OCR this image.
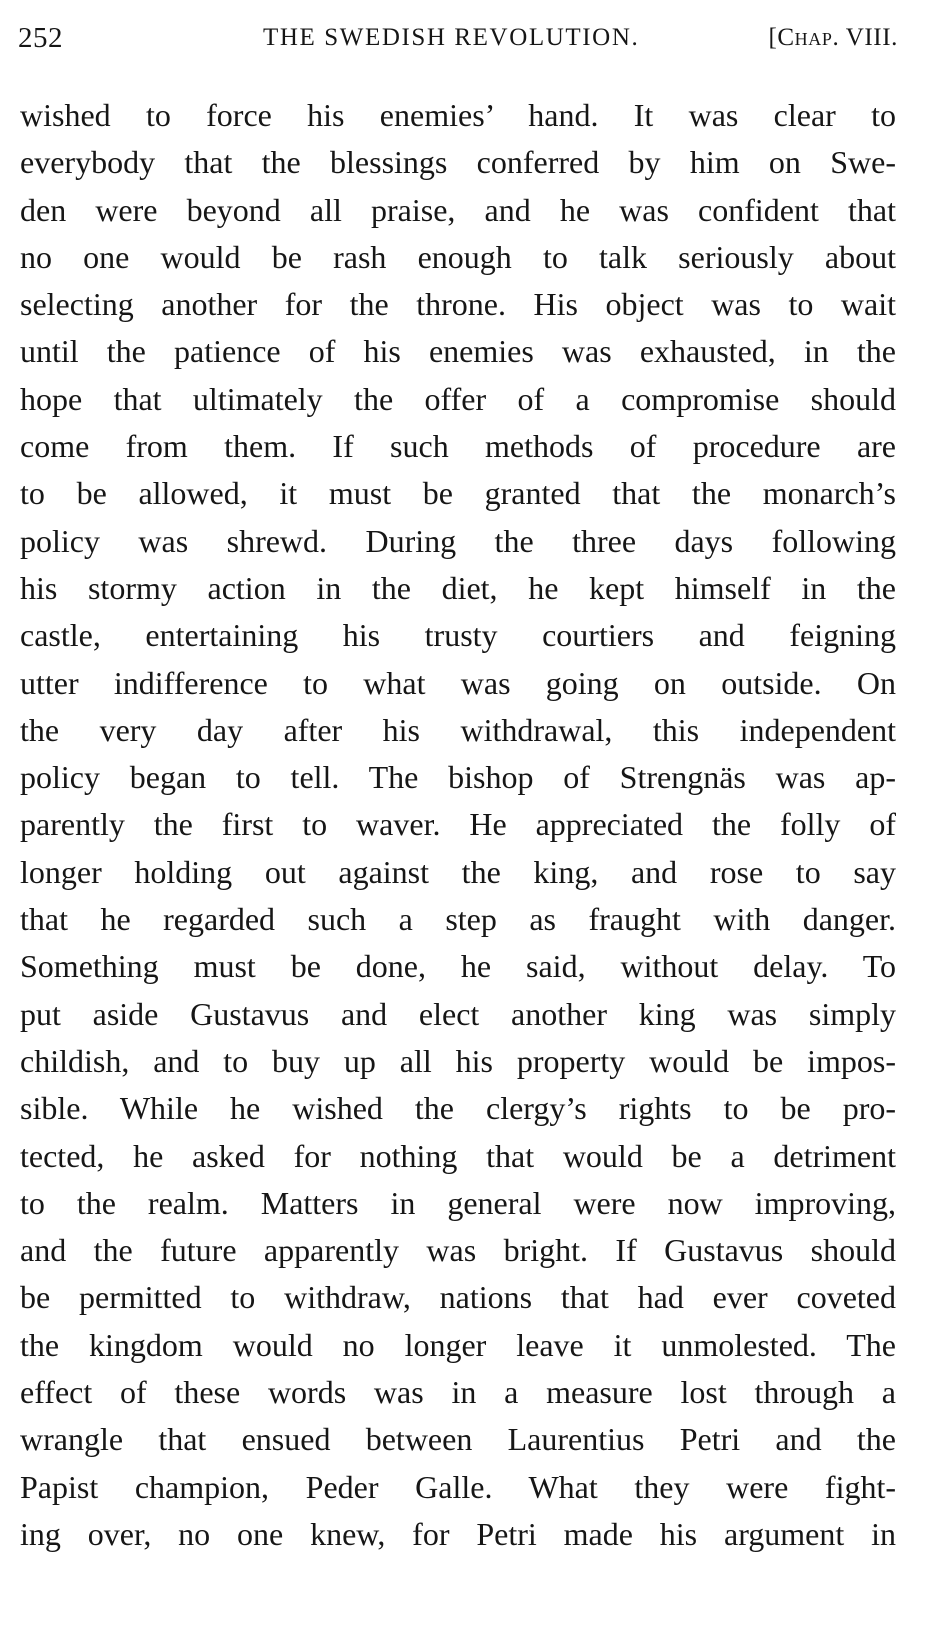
252	THE SWEDISH REVOLUTION.	[Chap. VIII.
wished to force his enemies’ hand. It was clear to
everybody that the blessings conferred by him on Swe-
den were beyond all praise, and he was confident that
no one would be rash enough to talk seriously about
selecting another for the throne. His object was to wait
until the patience of his enemies was exhausted, in the
hope that ultimately the offer of a compromise should
come from them. If such methods of procedure are
to be allowed, it must be granted that the monarch’s
policy was shrewd. During the three days following
his stormy action in the diet, he kept himself in the
castle, entertaining his trusty courtiers and feigning
utter indifference to what was going on outside. On
the very day after his withdrawal, this independent
policy began to tell. The bishop of Strengnäs was ap-
parently the first to waver. He appreciated the folly of
longer holding out against the king, and rose to say
that he regarded such a step as fraught with danger.
Something must be done, he said, without delay. To
put aside Gustavus and elect another king was simply
childish, and to buy up all his property would be impos-
sible. While he wished the clergy’s rights to be pro-
tected, he asked for nothing that would be a detriment
to the realm. Matters in general were now improving,
and the future apparently was bright. If Gustavus should
be permitted to withdraw, nations that had ever coveted
the kingdom would no longer leave it unmolested. The
effect of these words was in a measure lost through a
wrangle that ensued between Laurentius Petri and the
Papist champion, Peder Galle. What they were fight-
ing over, no one knew, for Petri made his argument in
